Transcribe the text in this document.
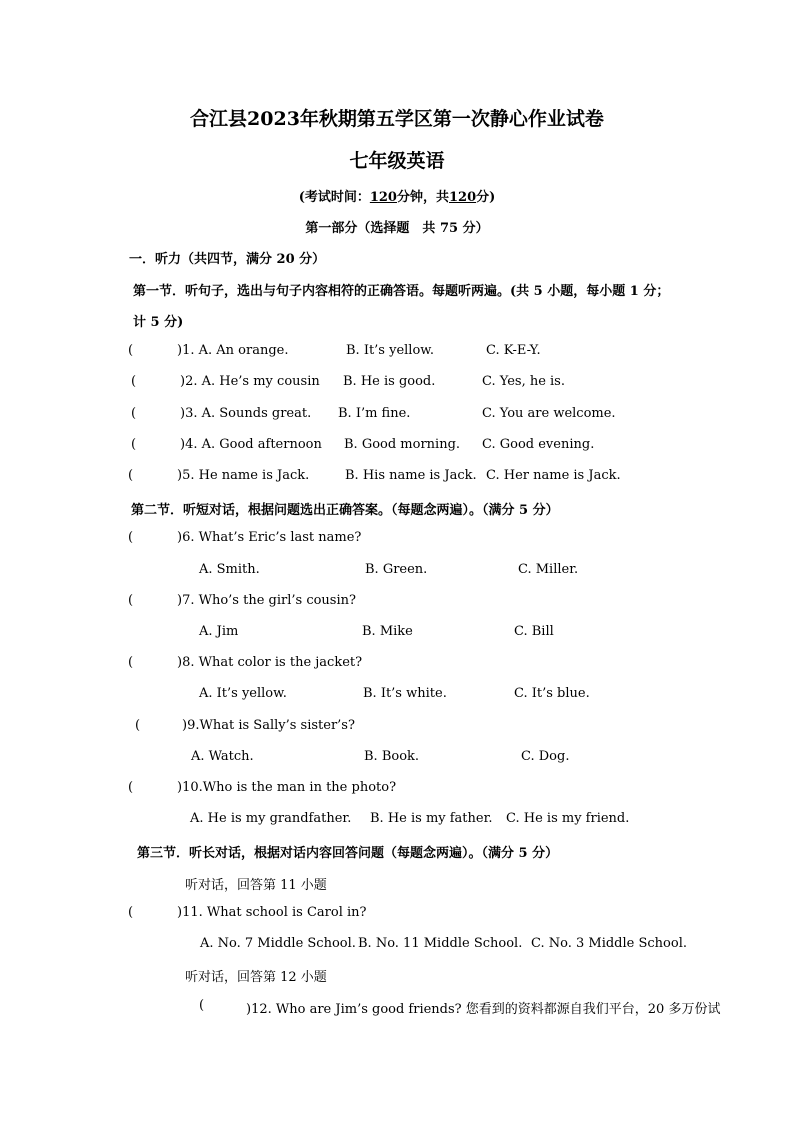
合江县2023年秋期第五学区第一次静心作业试卷
七年级英语
(考试时间：120分钟，共120分)
第一部分（选择题　共 75 分）
一．听力（共四节，满分 20 分）
第一节．听句子，选出与句子内容相符的正确答语。每题听两遍。(共 5 小题，每小题 1 分；
计 5 分)
(	)1. A. An orange.	B. It’s yellow.	C. K-E-Y.
(	)2. A. He’s my cousin B. He is good.	C. Yes, he is.
(	)3. A. Sounds great. B. I’m fine.	C. You are welcome.
(	)4. A. Good afternoon B. Good morning. C. Good evening.
(	)5. He name is Jack.	B. His name is Jack. C. Her name is Jack.
第二节．听短对话，根据问题选出正确答案。（每题念两遍）。（满分 5 分）
(	)6. What’s Eric’s last name?
A. Smith.	B. Green.	C. Miller.
(	)7. Who’s the girl’s cousin?
A. Jim	B. Mike	C. Bill
(	)8. What color is the jacket?
A. It’s yellow.	B. It’s white.	C. It’s blue.
(	)9.What is Sally’s sister’s?
A. Watch.	B. Book.	C. Dog.
(	)10.Who is the man in the photo?
A. He is my grandfather. B. He is my father. C. He is my friend.
第三节．听长对话，根据对话内容回答问题（每题念两遍）。（满分 5 分）
听对话，回答第 11 小题
(	)11. What school is Carol in?
A. No. 7 Middle School. B. No. 11 Middle School. C. No. 3 Middle School.
听对话，回答第 12 小题
(	)12. Who are Jim’s good friends? 您看到的资料都源自我们平台，20 多万份试
